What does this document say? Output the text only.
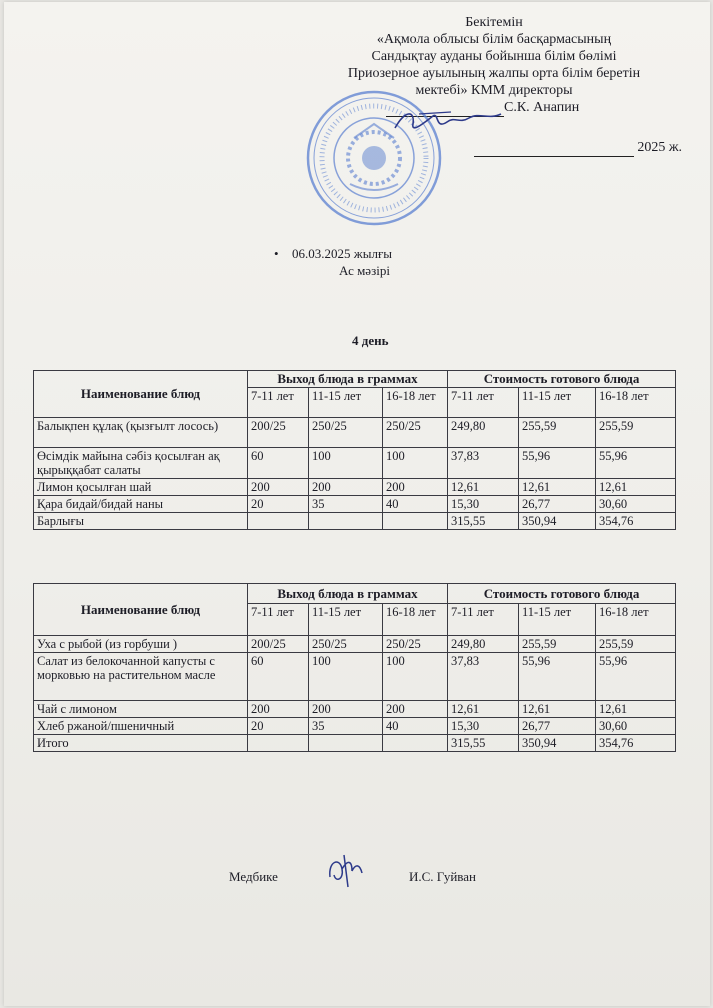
Бекітемін
«Ақмола облысы білім басқармасының
Сандықтау ауданы бойынша білім бөлімі
Приозерное ауылының жалпы орта білім беретін
мектебі» КММ директоры
С.К. Анапин
2025 ж.
• 06.03.2025 жылғы
Ас мәзірі
4 день
Наименование блюд	Выход блюда в граммах			Стоимость готового блюда		
	7-11 лет	11-15 лет	16-18 лет	7-11 лет	11-15 лет	16-18 лет
Балықпен құлақ (қызғылт лосось)	200/25	250/25	250/25	249,80	255,59	255,59
Өсімдік майына сәбіз қосылған ақ қырыққабат салаты	60	100	100	37,83	55,96	55,96
Лимон қосылған шай	200	200	200	12,61	12,61	12,61
Қара бидай/бидай наны	20	35	40	15,30	26,77	30,60
Барлығы				315,55	350,94	354,76
Наименование блюд	Выход блюда в граммах			Стоимость готового блюда		
	7-11 лет	11-15 лет	16-18 лет	7-11 лет	11-15 лет	16-18 лет
Уха с рыбой (из горбуши )	200/25	250/25	250/25	249,80	255,59	255,59
Салат из белокочанной капусты с морковью на растительном масле	60	100	100	37,83	55,96	55,96
Чай с лимоном	200	200	200	12,61	12,61	12,61
Хлеб ржаной/пшеничный	20	35	40	15,30	26,77	30,60
Итого				315,55	350,94	354,76
Медбике	И.С. Гуйван
